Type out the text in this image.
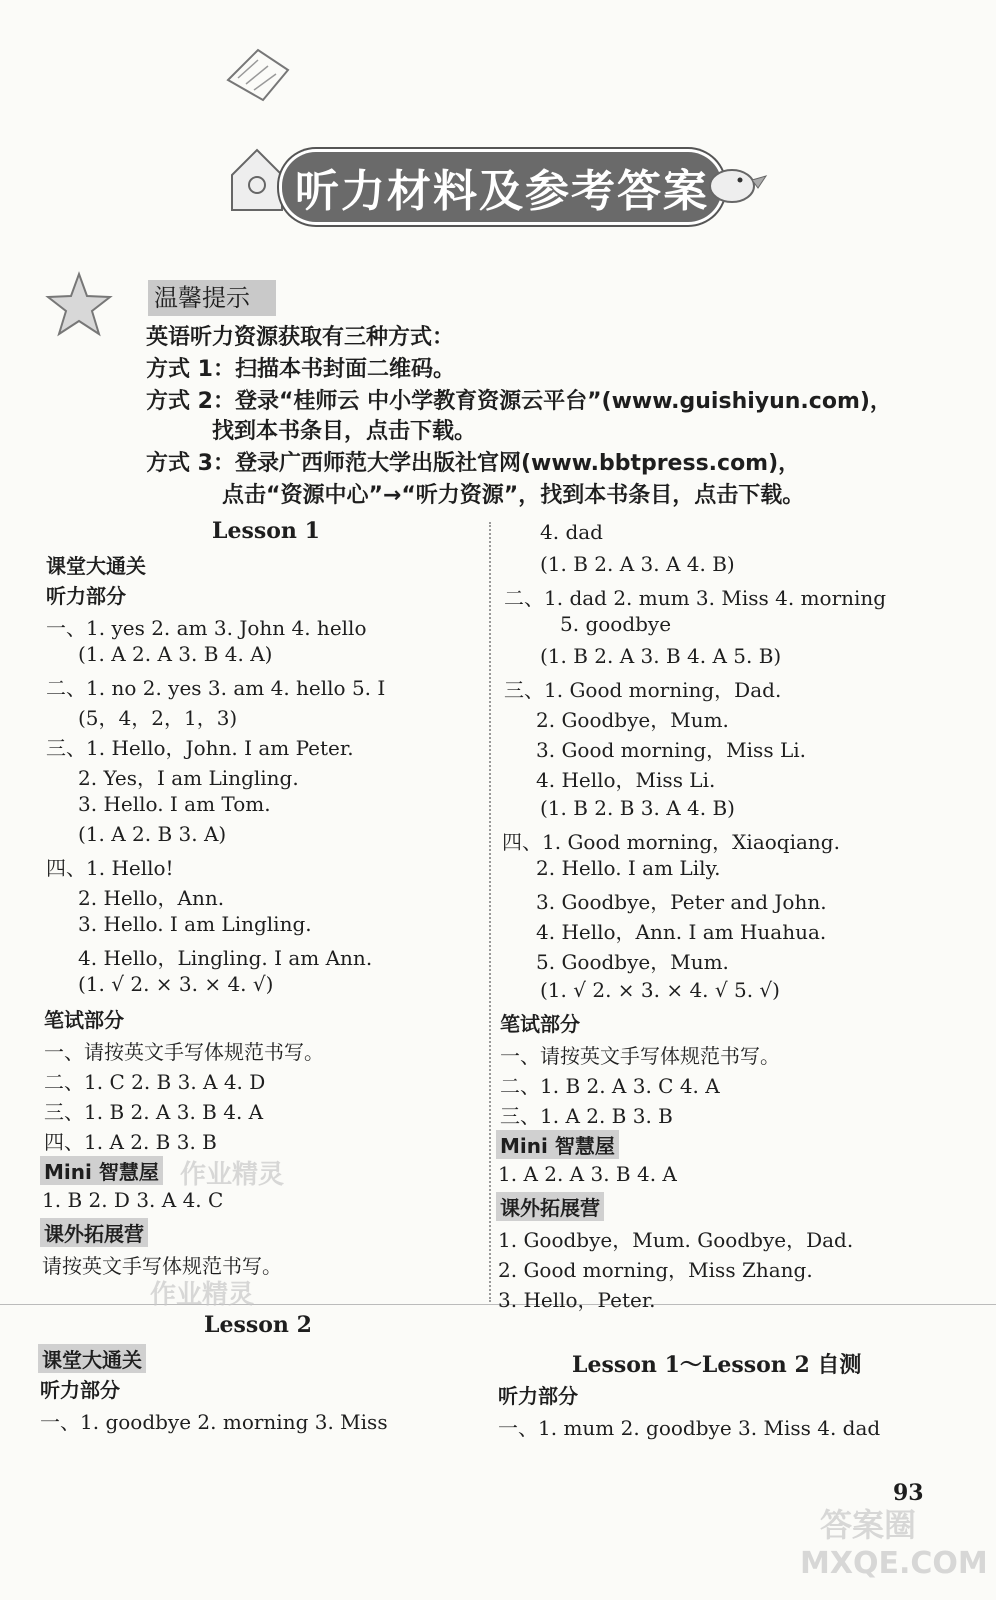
听力材料及参考答案
温馨提示
英语听力资源获取有三种方式：
方式 1：扫描本书封面二维码。
方式 2：登录“桂师云 中小学教育资源云平台”(www.guishiyun.com)，
找到本书条目，点击下载。
方式 3：登录广西师范大学出版社官网(www.bbtpress.com)，
点击“资源中心”→“听力资源”，找到本书条目，点击下载。
Lesson 1
课堂大通关
听力部分
一、1. yes 2. am 3. John 4. hello
(1. A 2. A 3. B 4. A)
二、1. no 2. yes 3. am 4. hello 5. I
(5，4，2，1，3)
三、1. Hello，John. I am Peter.
2. Yes，I am Lingling.
3. Hello. I am Tom.
(1. A 2. B 3. A)
四、1. Hello!
2. Hello，Ann.
3. Hello. I am Lingling.
4. Hello，Lingling. I am Ann.
(1. √ 2. × 3. × 4. √)
笔试部分
一、请按英文手写体规范书写。
二、1. C 2. B 3. A 4. D
三、1. B 2. A 3. B 4. A
四、1. A 2. B 3. B
Mini 智慧屋
1. B 2. D 3. A 4. C
课外拓展营
请按英文手写体规范书写。
Lesson 2
课堂大通关
听力部分
一、1. goodbye 2. morning 3. Miss
4. dad
(1. B 2. A 3. A 4. B)
二、1. dad 2. mum 3. Miss 4. morning
5. goodbye
(1. B 2. A 3. B 4. A 5. B)
三、1. Good morning，Dad.
2. Goodbye，Mum.
3. Good morning，Miss Li.
4. Hello，Miss Li.
(1. B 2. B 3. A 4. B)
四、1. Good morning，Xiaoqiang.
2. Hello. I am Lily.
3. Goodbye，Peter and John.
4. Hello，Ann. I am Huahua.
5. Goodbye，Mum.
(1. √ 2. × 3. × 4. √ 5. √)
笔试部分
一、请按英文手写体规范书写。
二、1. B 2. A 3. C 4. A
三、1. A 2. B 3. B
Mini 智慧屋
1. A 2. A 3. B 4. A
课外拓展营
1. Goodbye，Mum. Goodbye，Dad.
2. Good morning，Miss Zhang.
3. Hello，Peter.
Lesson 1～Lesson 2 自测
听力部分
一、1. mum 2. goodbye 3. Miss 4. dad
93
作业精灵
作业精灵
答案圈
MXQE.COM
